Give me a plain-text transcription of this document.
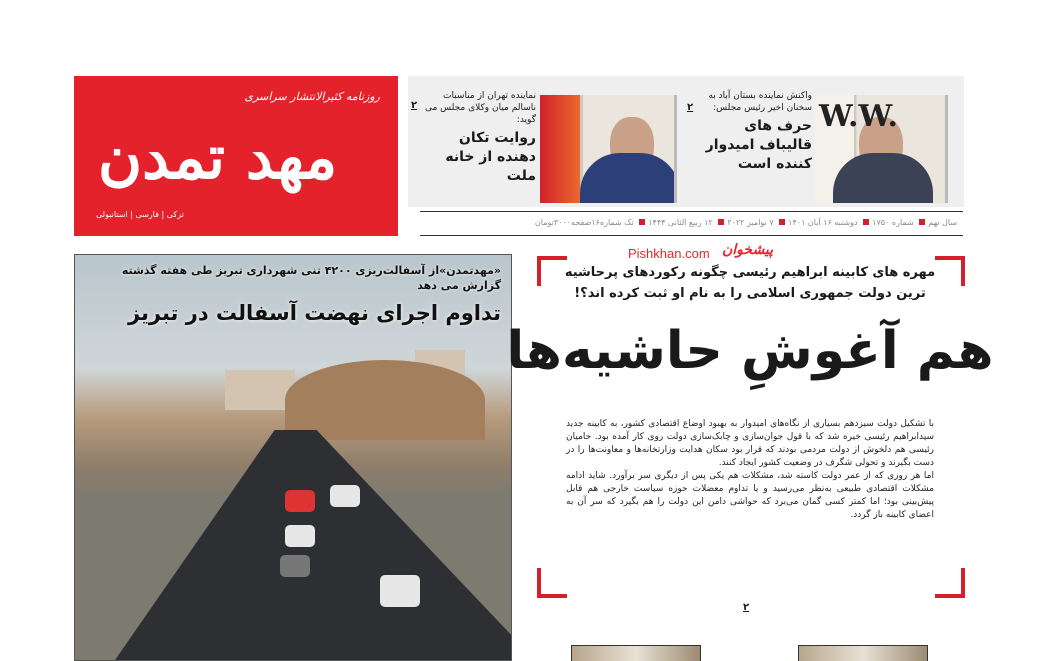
روزنامه کثیرالانتشار سراسری
مهد تمدن
ترکی | فارسی | استانبولی
W.W.
واکنش نماینده بستان آباد به سخنان اخیر رئیس مجلس:
حرف های قالیباف امیدوار کننده است
۲
نماینده تهران از مناسبات ناسالم میان وکلای مجلس می گوید:
روایت تکان دهنده از خانه ملت
۲
سال نهم شماره ۱۷۵۰ دوشنبه ۱۶ آبان ۱۴۰۱ ۷ نوامبر ۲۰۲۲ ۱۲ ربیع الثانی ۱۴۴۴ تک شماره۱۶صفحه۳۰۰۰تومان
پیشخوان
Pishkhan.com
«مهدتمدن»از آسفالت‌ریزی ۴۲۰۰ تنی شهرداری تبریز طی هفته گذشته گزارش می دهد
تداوم اجرای نهضت آسفالت در تبریز
مهره های کابینه ابراهیم رئیسی چگونه رکوردهای پرحاشیه ترین دولت جمهوری اسلامی را به نام او ثبت کرده اند؟!
هم آغوشِ حاشیه‌ها

با تشکیل دولت سیزدهم بسیاری از نگاه‌های امیدوار به بهبود اوضاع اقتصادی کشور، به کابینه جدید سید‌ابراهیم رئیسی خیره شد که با قول جوان‌سازی و چابک‌سازی دولت روی کار آمده بود. حامیان رئیسی هم دلخوش از دولت مردمی بودند که قرار بود سکان هدایت وزارتخانه‌ها و معاونت‌ها را در دست بگیرند و تحولی شگرف در وضعیت کشور ایجاد کنند.

اما هر روزی که از عمر دولت کاسته شد، مشکلات هم یکی پس از دیگری سر برآورد. شاید ادامه مشکلات اقتصادی طبیعی به‌نظر می‌رسید و یا تداوم معضلات حوزه سیاست خارجی هم قابل پیش‌بینی بود؛ اما کمتر کسی گمان می‌برد که حواشی دامن این دولت را هم بگیرد که سر آن به اعضای کابینه باز گردد.

۲
